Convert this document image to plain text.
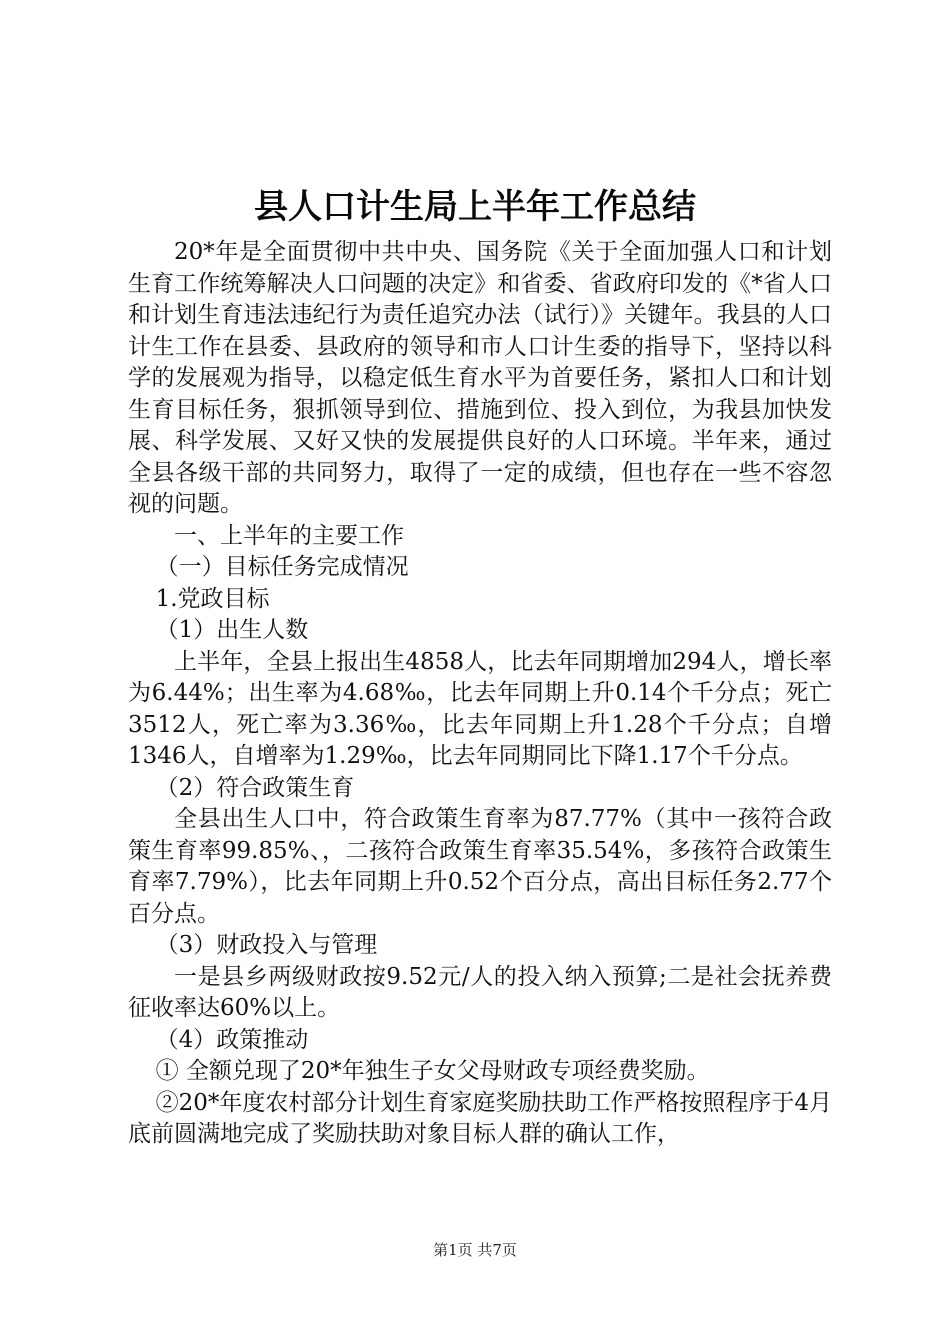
县人口计生局上半年工作总结

20*年是全面贯彻中共中央、国务院《关于全面加强人口和计划生育工作统筹解决人口问题的决定》和省委、省政府印发的《*省人口和计划生育违法违纪行为责任追究办法（试行）》关键年。我县的人口计生工作在县委、县政府的领导和市人口计生委的指导下，坚持以科学的发展观为指导，以稳定低生育水平为首要任务，紧扣人口和计划生育目标任务，狠抓领导到位、措施到位、投入到位，为我县加快发展、科学发展、又好又快的发展提供良好的人口环境。半年来，通过全县各级干部的共同努力，取得了一定的成绩，但也存在一些不容忽视的问题。

一、上半年的主要工作

（一）目标任务完成情况

1.党政目标

（1）出生人数

上半年，全县上报出生4858人，比去年同期增加294人，增长率为6.44%；出生率为4.68‰，比去年同期上升0.14个千分点；死亡3512人，死亡率为3.36‰，比去年同期上升1.28个千分点；自增1346人，自增率为1.29‰，比去年同期同比下降1.17个千分点。

（2）符合政策生育

全县出生人口中，符合政策生育率为87.77%（其中一孩符合政策生育率99.85%、，二孩符合政策生育率35.54%，多孩符合政策生育率7.79%），比去年同期上升0.52个百分点，高出目标任务2.77个百分点。

（3）财政投入与管理

一是县乡两级财政按9.52元/人的投入纳入预算;二是社会抚养费征收率达60%以上。

（4）政策推动

① 全额兑现了20*年独生子女父母财政专项经费奖励。

②20*年度农村部分计划生育家庭奖励扶助工作严格按照程序于4月底前圆满地完成了奖励扶助对象目标人群的确认工作，

第1页 共7页
